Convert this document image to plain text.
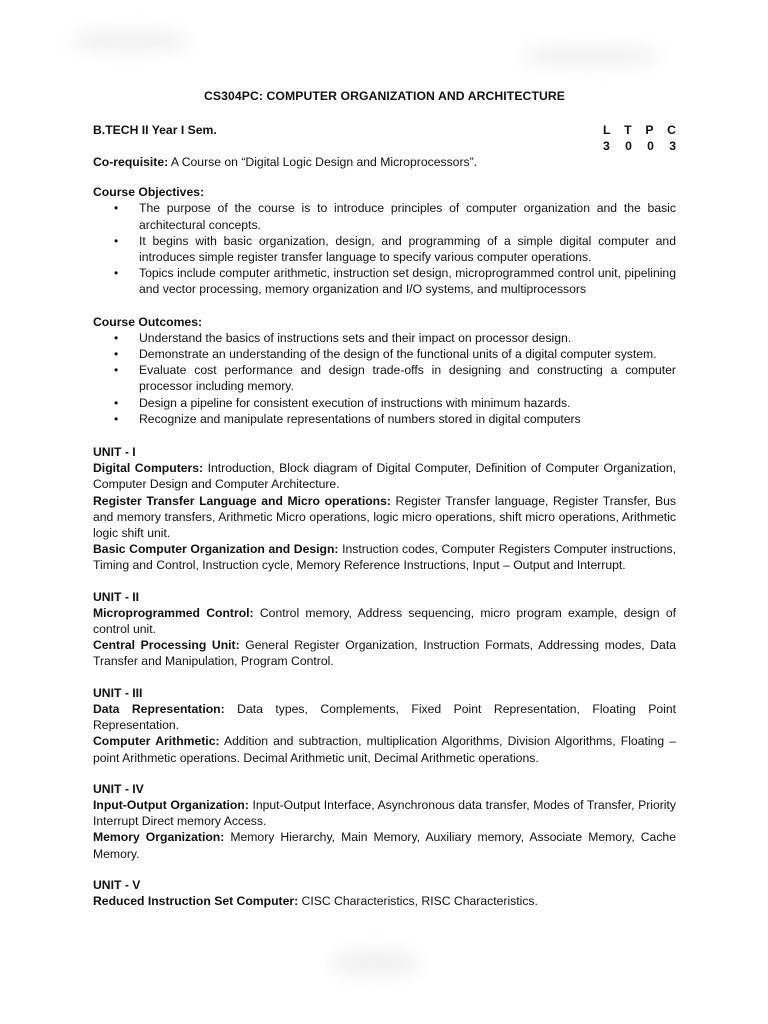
CS304PC: COMPUTER ORGANIZATION AND ARCHITECTURE
B.TECH II Year I Sem.	L T P C
3 0 0 3

Co-requisite: A Course on “Digital Logic Design and Microprocessors”.

Course Objectives:
• The purpose of the course is to introduce principles of computer organization and the basic architectural concepts.
• It begins with basic organization, design, and programming of a simple digital computer and introduces simple register transfer language to specify various computer operations.
• Topics include computer arithmetic, instruction set design, microprogrammed control unit, pipelining and vector processing, memory organization and I/O systems, and multiprocessors
Course Outcomes:
• Understand the basics of instructions sets and their impact on processor design.
• Demonstrate an understanding of the design of the functional units of a digital computer system.
• Evaluate cost performance and design trade-offs in designing and constructing a computer processor including memory.
• Design a pipeline for consistent execution of instructions with minimum hazards.
• Recognize and manipulate representations of numbers stored in digital computers
UNIT - I

Digital Computers: Introduction, Block diagram of Digital Computer, Definition of Computer Organization, Computer Design and Computer Architecture.

Register Transfer Language and Micro operations: Register Transfer language, Register Transfer, Bus and memory transfers, Arithmetic Micro operations, logic micro operations, shift micro operations, Arithmetic logic shift unit.

Basic Computer Organization and Design: Instruction codes, Computer Registers Computer instructions, Timing and Control, Instruction cycle, Memory Reference Instructions, Input – Output and Interrupt.

UNIT - II

Microprogrammed Control: Control memory, Address sequencing, micro program example, design of control unit.

Central Processing Unit: General Register Organization, Instruction Formats, Addressing modes, Data Transfer and Manipulation, Program Control.

UNIT - III

Data Representation: Data types, Complements, Fixed Point Representation, Floating Point Representation.

Computer Arithmetic: Addition and subtraction, multiplication Algorithms, Division Algorithms, Floating – point Arithmetic operations. Decimal Arithmetic unit, Decimal Arithmetic operations.

UNIT - IV

Input-Output Organization: Input-Output Interface, Asynchronous data transfer, Modes of Transfer, Priority Interrupt Direct memory Access.

Memory Organization: Memory Hierarchy, Main Memory, Auxiliary memory, Associate Memory, Cache Memory.

UNIT - V

Reduced Instruction Set Computer: CISC Characteristics, RISC Characteristics.
